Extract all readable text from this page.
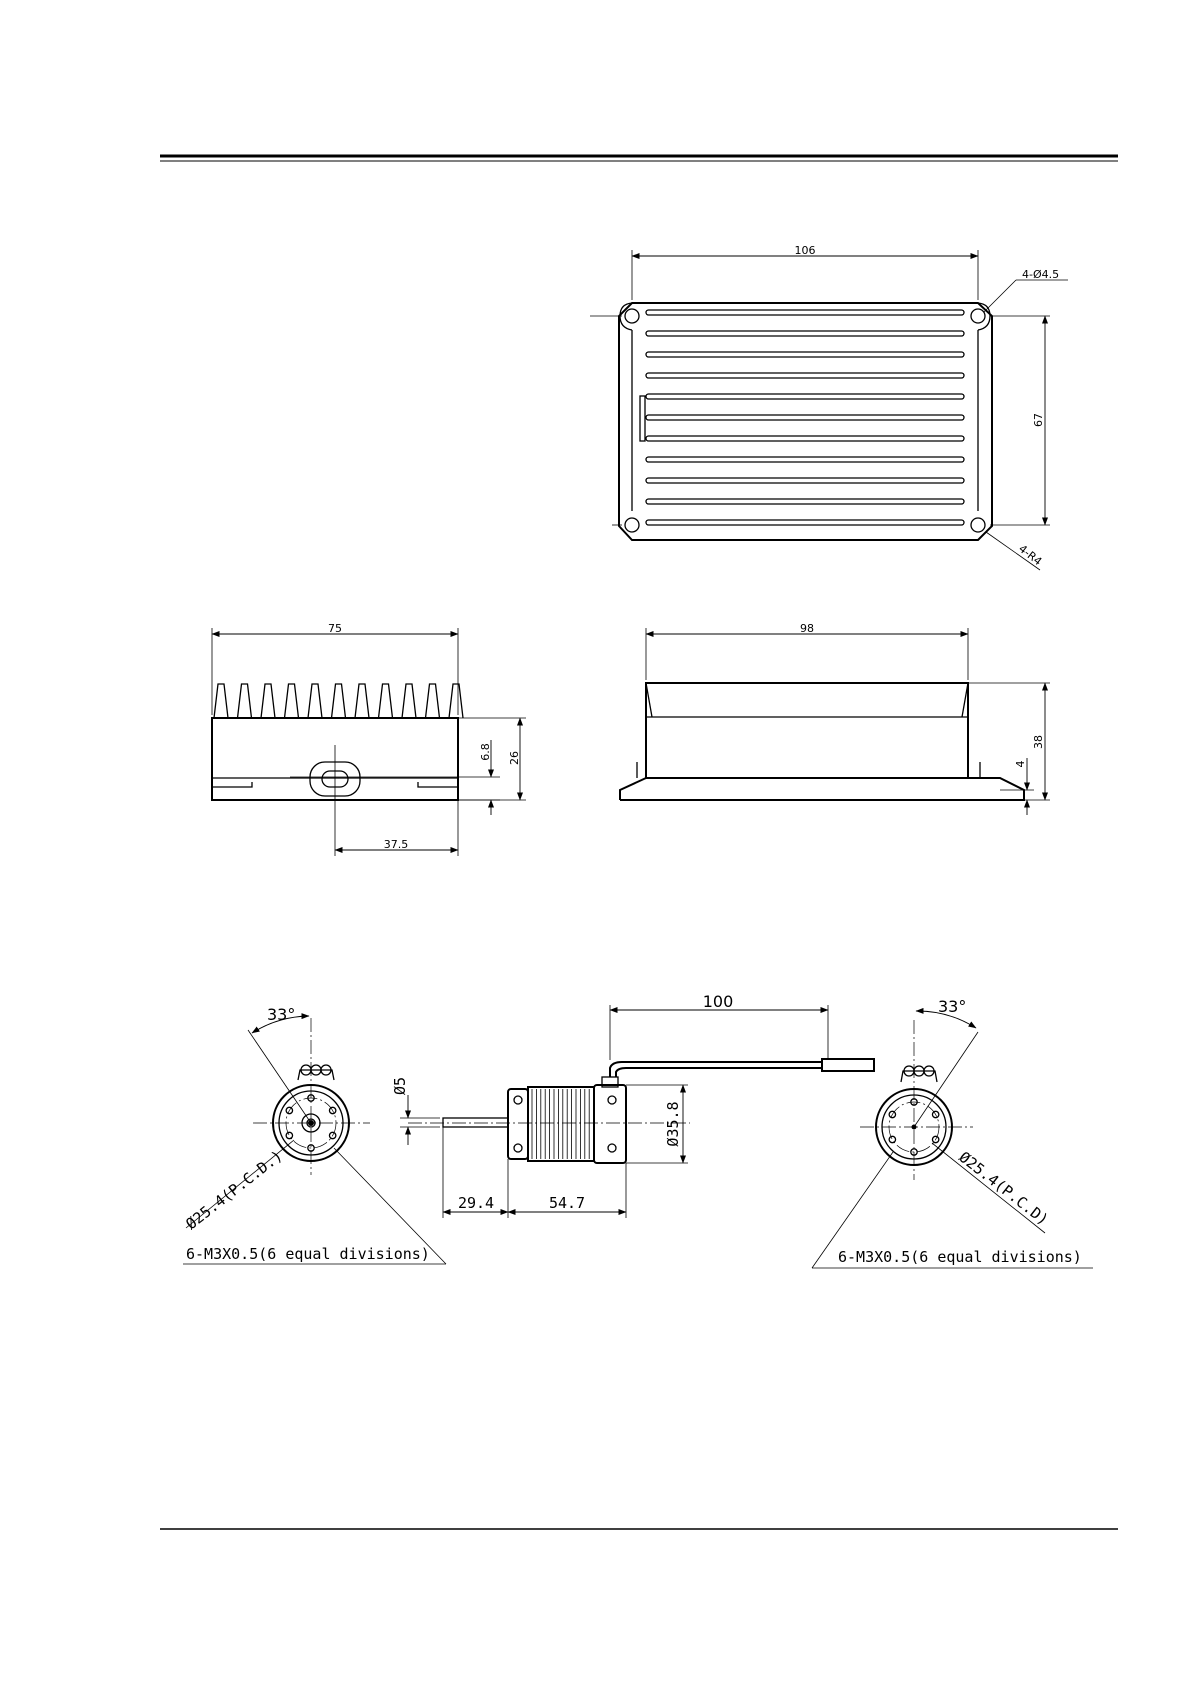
106
4-Ø4.5
67
4-R4
75
6.8 26
37.5
98
38
4
33°
Ø25.4(P.C.D.)
6-M3X0.5(6 equal divisions)
100
Ø5
Ø35.8
29.4	54.7
33°
Ø25.4(P.C.D)
6-M3X0.5(6 equal divisions)
